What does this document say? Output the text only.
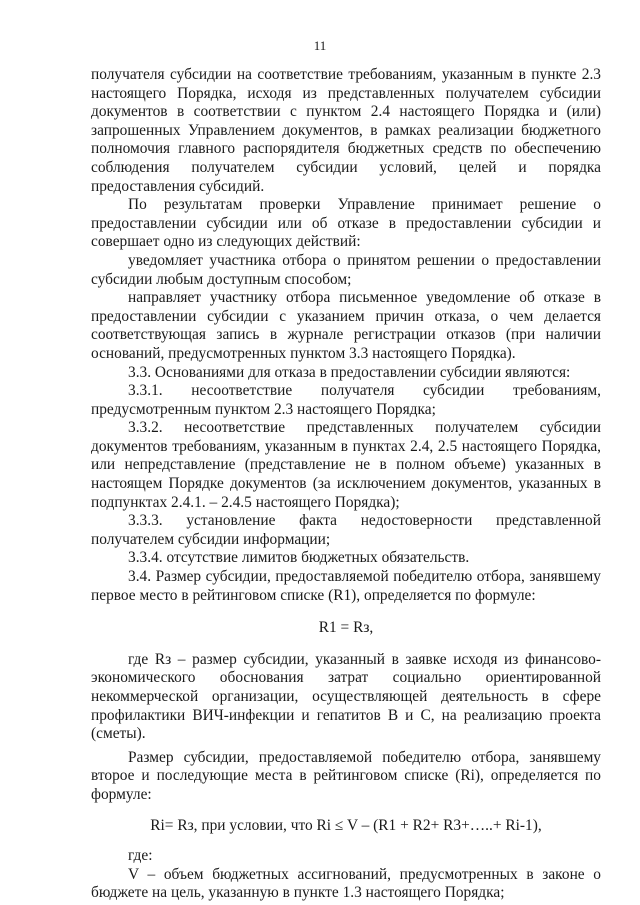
11

получателя субсидии на соответствие требованиям, указанным в пункте 2.3 настоящего Порядка, исходя из представленных получателем субсидии документов в соответствии с пунктом 2.4 настоящего Порядка и (или) запрошенных Управлением документов, в рамках реализации бюджетного полномочия главного распорядителя бюджетных средств по обеспечению соблюдения получателем субсидии условий, целей и порядка предоставления субсидий.

По результатам проверки Управление принимает решение о предоставлении субсидии или об отказе в предоставлении субсидии и совершает одно из следующих действий:

уведомляет участника отбора о принятом решении о предоставлении субсидии любым доступным способом;

направляет участнику отбора письменное уведомление об отказе в предоставлении субсидии с указанием причин отказа, о чем делается соответствующая запись в журнале регистрации отказов (при наличии оснований, предусмотренных пунктом 3.3 настоящего Порядка).

3.3. Основаниями для отказа в предоставлении субсидии являются:

3.3.1. несоответствие получателя субсидии требованиям, предусмотренным пунктом 2.3 настоящего Порядка;

3.3.2. несоответствие представленных получателем субсидии документов требованиям, указанным в пунктах 2.4, 2.5 настоящего Порядка, или непредставление (представление не в полном объеме) указанных в настоящем Порядке документов (за исключением документов, указанных в подпунктах 2.4.1. – 2.4.5 настоящего Порядка);

3.3.3. установление факта недостоверности представленной получателем субсидии информации;

3.3.4. отсутствие лимитов бюджетных обязательств.

3.4. Размер субсидии, предоставляемой победителю отбора, занявшему первое место в рейтинговом списке (R1), определяется по формуле:

R1 = Rз,

где Rз – размер субсидии, указанный в заявке исходя из финансово-экономического обоснования затрат социально ориентированной некоммерческой организации, осуществляющей деятельность в сфере профилактики ВИЧ-инфекции и гепатитов В и С, на реализацию проекта (сметы).

Размер субсидии, предоставляемой победителю отбора, занявшему второе и последующие места в рейтинговом списке (Ri), определяется по формуле:

Ri= Rз, при условии, что Ri ≤ V – (R1 + R2+ R3+…..+ Ri-1),

где:

V – объем бюджетных ассигнований, предусмотренных в законе о бюджете на цель, указанную в пункте 1.3 настоящего Порядка;
